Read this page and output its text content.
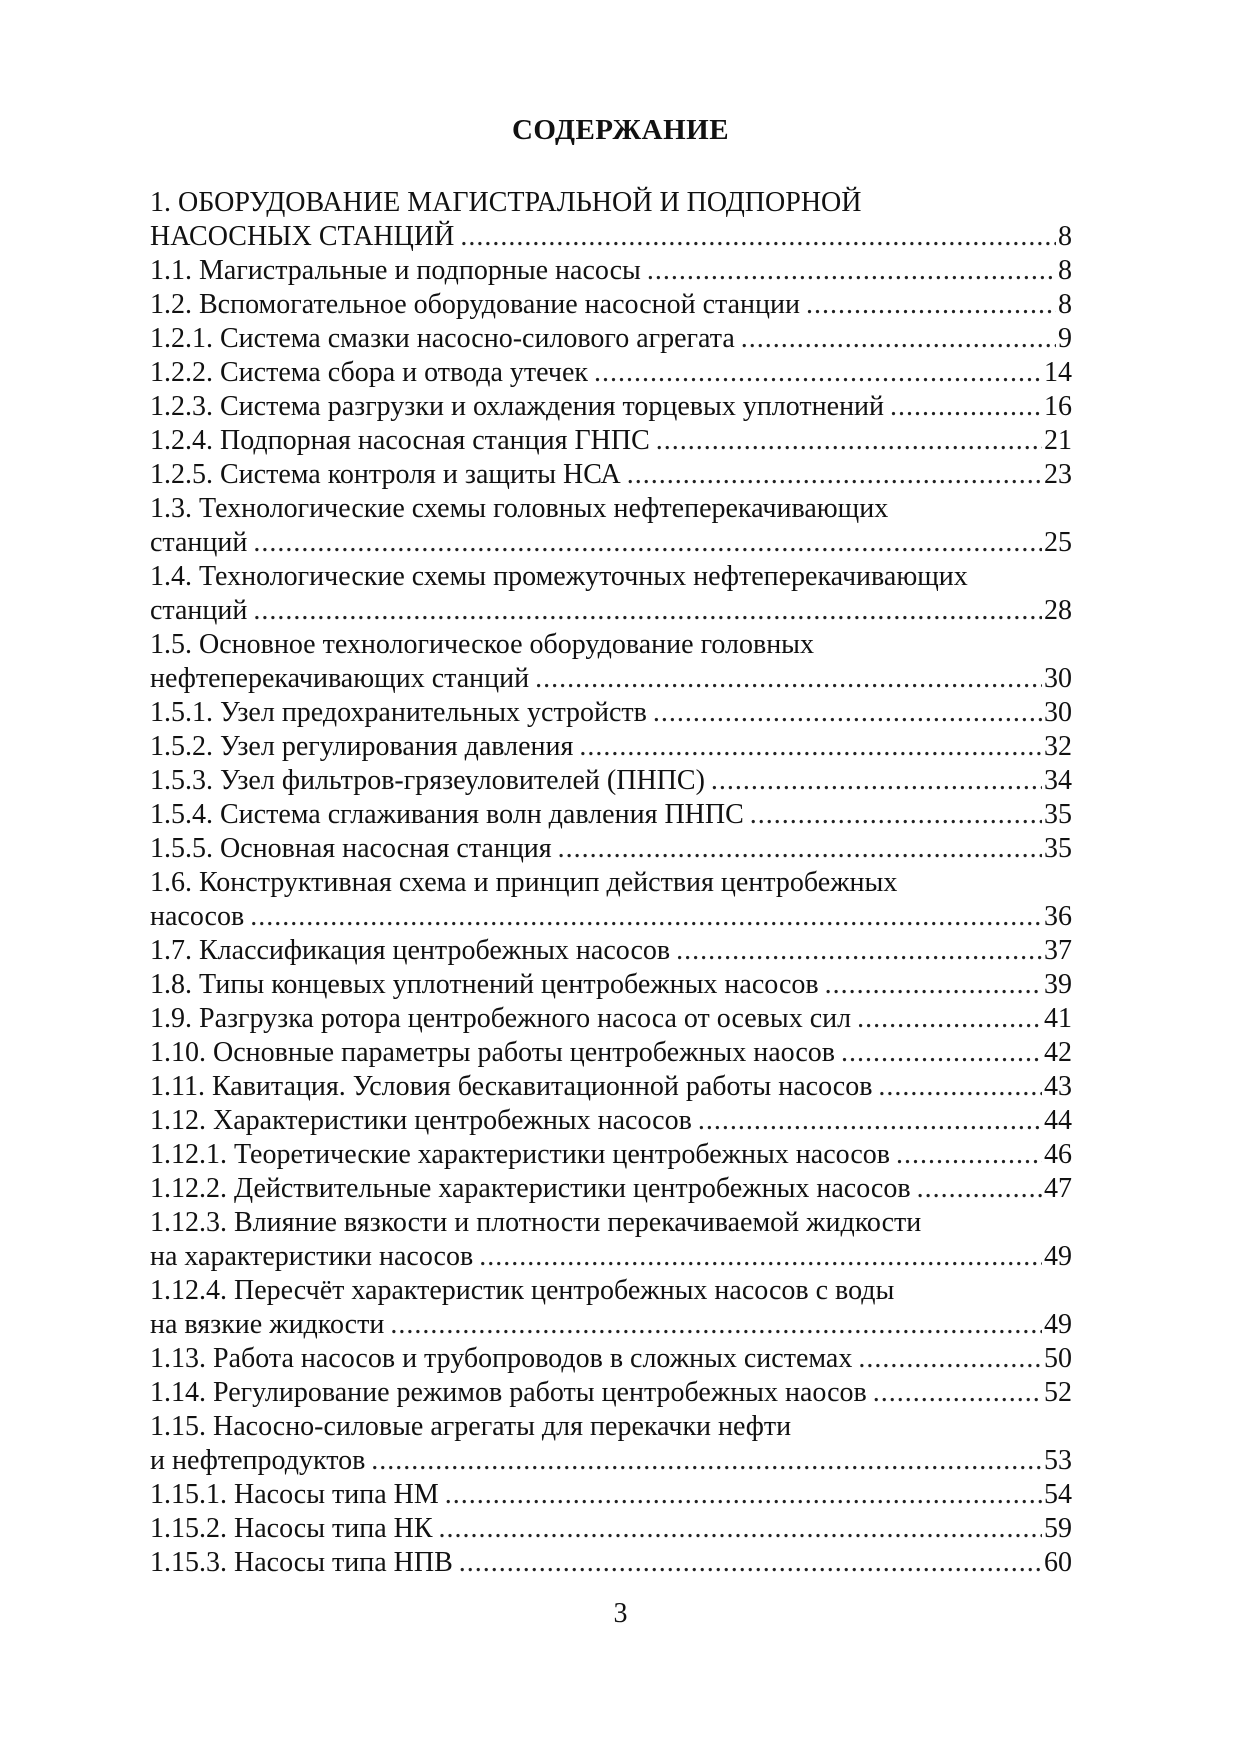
СОДЕРЖАНИЕ
1. ОБОРУДОВАНИЕ МАГИСТРАЛЬНОЙ И ПОДПОРНОЙ
НАСОСНЫХ СТАНЦИЙ . . .	8
1.1. Магистральные и подпорные насосы . . .	8
1.2. Вспомогательное оборудование насосной станции . . .	8
1.2.1. Система смазки насосно-силового агрегата . . .	9
1.2.2. Система сбора и отвода утечек . . .	14
1.2.3. Система разгрузки и охлаждения торцевых уплотнений . . .	16
1.2.4. Подпорная насосная станция ГНПС . . .	21
1.2.5. Система контроля и защиты НСА . . .	23
1.3. Технологические схемы головных нефтеперекачивающих
станций . . .	25
1.4. Технологические схемы промежуточных нефтеперекачивающих
станций . . .	28
1.5. Основное технологическое оборудование головных
нефтеперекачивающих станций . . .	30
1.5.1. Узел предохранительных устройств . . .	30
1.5.2. Узел регулирования давления . . .	32
1.5.3. Узел фильтров-грязеуловителей (ПНПС) . . .	34
1.5.4. Система сглаживания волн давления ПНПС . . .	35
1.5.5. Основная насосная станция . . .	35
1.6. Конструктивная схема и принцип действия центробежных
насосов . . .	36
1.7. Классификация центробежных насосов . . .	37
1.8. Типы концевых уплотнений центробежных насосов . . .	39
1.9. Разгрузка ротора центробежного насоса от осевых сил . . .	41
1.10. Основные параметры работы центробежных наосов . . .	42
1.11. Кавитация. Условия бескавитационной работы насосов . . .	43
1.12. Характеристики центробежных насосов . . .	44
1.12.1. Теоретические характеристики центробежных насосов . . .	46
1.12.2. Действительные характеристики центробежных насосов . . .	47
1.12.3. Влияние вязкости и плотности перекачиваемой жидкости
на характеристики насосов . . .	49
1.12.4. Пересчёт характеристик центробежных насосов с воды
на вязкие жидкости . . .	49
1.13. Работа насосов и трубопроводов в сложных системах . . .	50
1.14. Регулирование режимов работы центробежных наосов . . .	52
1.15. Насосно-силовые агрегаты для перекачки нефти
и нефтепродуктов . . .	53
1.15.1. Насосы типа НМ . . .	54
1.15.2. Насосы типа НК . . .	59
1.15.3. Насосы типа НПВ . . .	60
3
